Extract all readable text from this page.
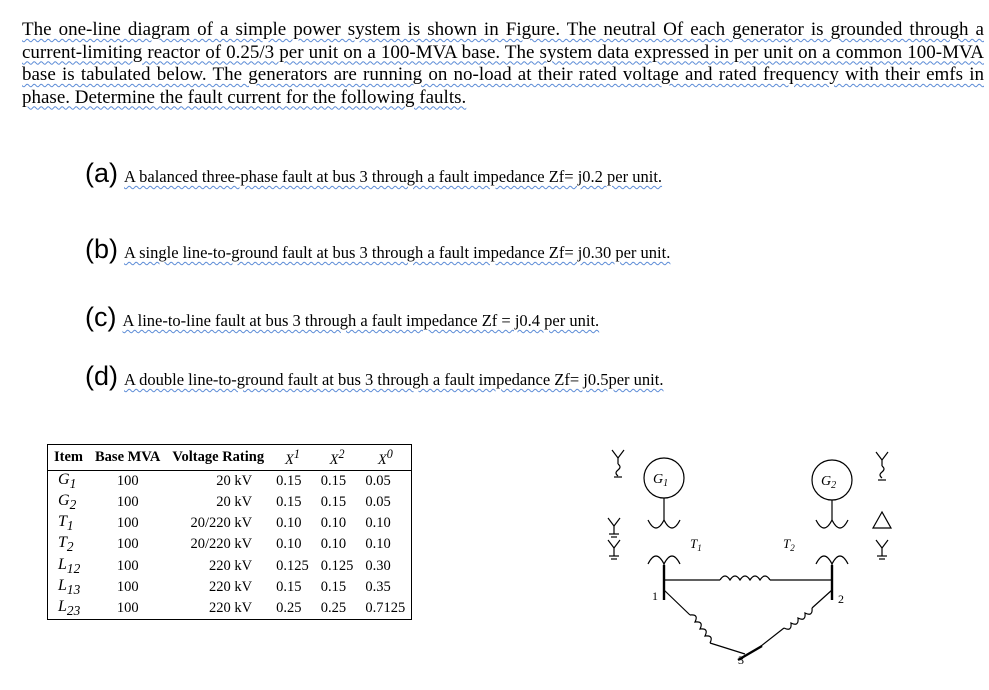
The one-line diagram of a simple power system is shown in Figure. The neutral Of each generator is grounded through a current-limiting reactor of 0.25/3 per unit on a 100-MVA base. The system data expressed in per unit on a common 100-MVA base is tabulated below. The generators are running on no-load at their rated voltage and rated frequency with their emfs in phase. Determine the fault current for the following faults.
(a) A balanced three-phase fault at bus 3 through a fault impedance Zf= j0.2 per unit.
(b) A single line-to-ground fault at bus 3 through a fault impedance Zf= j0.30 per unit.
(c) A line-to-line fault at bus 3 through a fault impedance Zf = j0.4 per unit.
(d) A double line-to-ground fault at bus 3 through a fault impedance Zf= j0.5per unit.
Item	Base MVA	Voltage Rating	$X^1$	$X^2$	$X^0$
$G_1$	100	20 kV	0.15	0.15	0.05
$G_2$	100	20 kV	0.15	0.15	0.05
$T_1$	100	20/220 kV	0.10	0.10	0.10
$T_2$	100	20/220 kV	0.10	0.10	0.10
$L_{12}$	100	220 kV	0.125	0.125	0.30
$L_{13}$	100	220 kV	0.15	0.15	0.35
$L_{23}$	100	220 kV	0.25	0.25	0.7125
$G_1$
$T_1$
$G_2$
$T_2$
1	2
3
